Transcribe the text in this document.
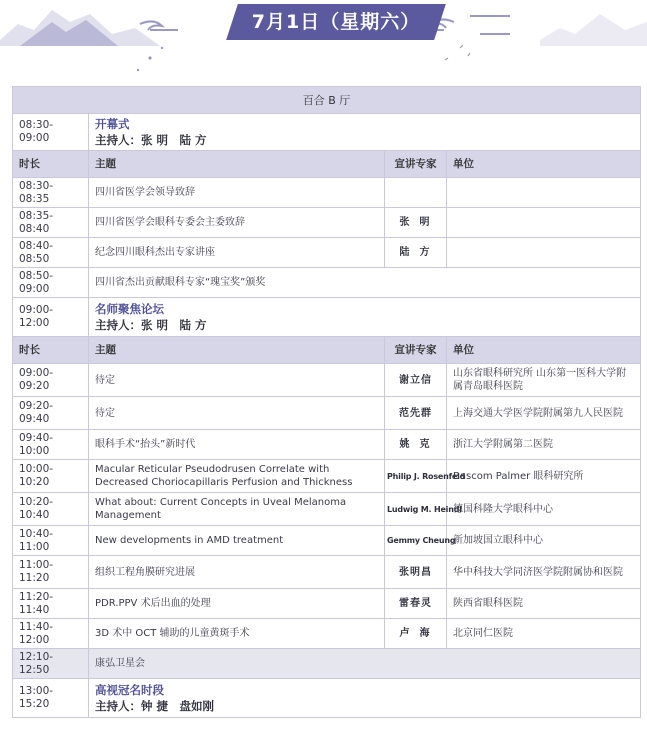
7月1日（星期六）
百合 B 厅			
08:30-09:00	开幕式
主持人：张 明　陆 方		

时长	主题	宣讲专家	单位
08:30-08:35	四川省医学会领导致辞		
08:35-08:40	四川省医学会眼科专委会主委致辞	张明	
08:40-08:50	纪念四川眼科杰出专家讲座	陆方	
08:50-09:00	四川省杰出贡献眼科专家“瑰宝奖”颁奖		
09:00-12:00	名师聚焦论坛
主持人：张 明　陆 方		

时长	主题	宣讲专家	单位
09:00-09:20	待定	谢立信	山东省眼科研究所 山东第一医科大学附属青岛眼科医院
09:20-09:40	待定	范先群	上海交通大学医学院附属第九人民医院
09:40-10:00	眼科手术“抬头”新时代	姚克	浙江大学附属第二医院
10:00-10:20	Macular Reticular Pseudodrusen Correlate with Decreased Choriocapillaris Perfusion and Thickness	Philip J. Rosenfeld	Bascom Palmer 眼科研究所
10:20-10:40	What about: Current Concepts in Uveal Melanoma Management	Ludwig M. Heindl	德国科隆大学眼科中心
10:40-11:00	New developments in AMD treatment	Gemmy Cheung	新加坡国立眼科中心
11:00-11:20	组织工程角膜研究进展	张明昌	华中科技大学同济医学院附属协和医院
11:20-11:40	PDR.PPV 术后出血的处理	雷春灵	陕西省眼科医院
11:40-12:00	3D 术中 OCT 辅助的儿童黄斑手术	卢海	北京同仁医院
12:10-12:50	康弘卫星会		
13:00-15:20	高视冠名时段
主持人：钟 捷　盘如刚		
